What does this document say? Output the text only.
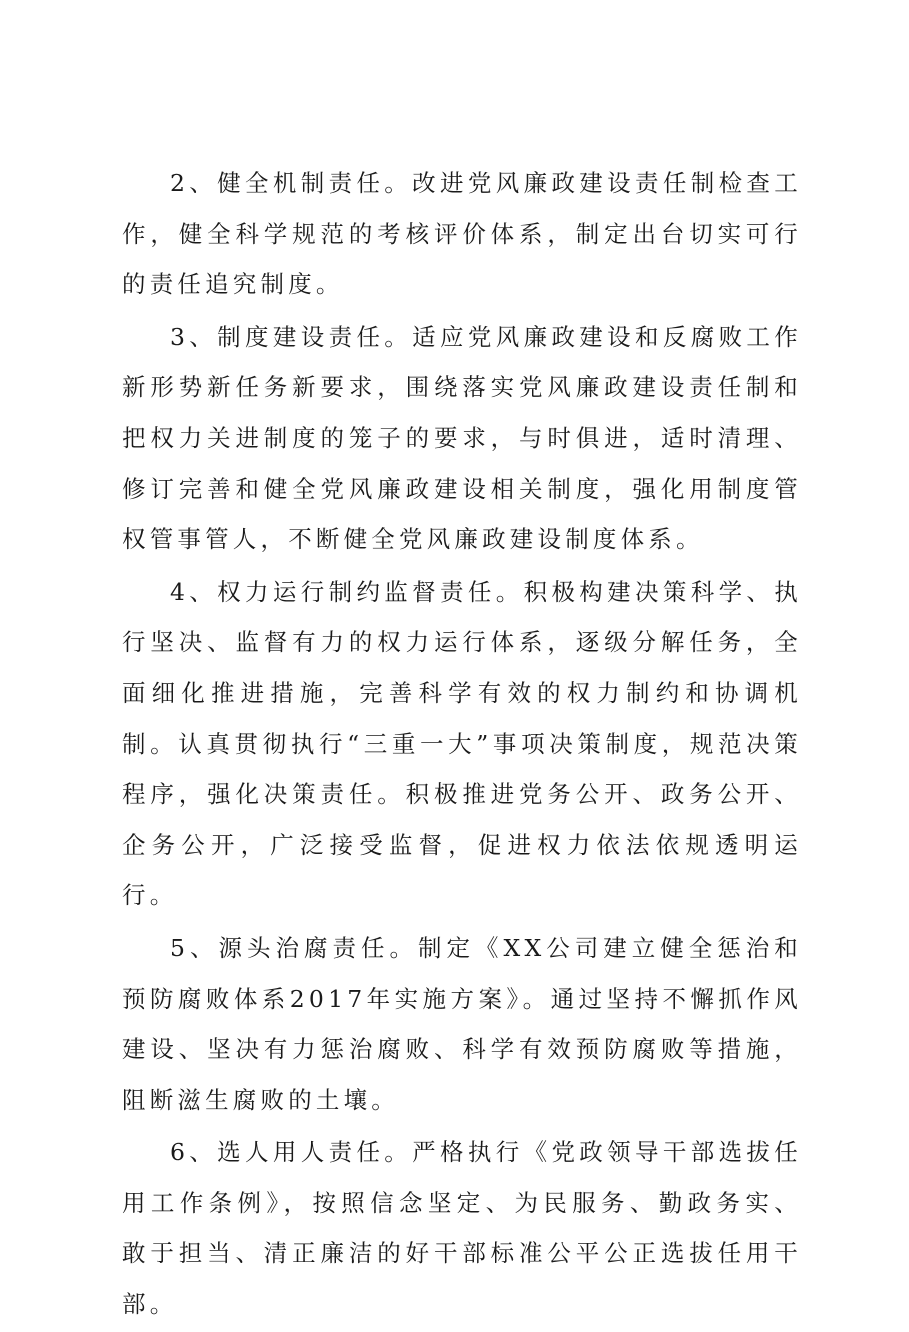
2、健全机制责任。改进党风廉政建设责任制检查工作，健全科学规范的考核评价体系，制定出台切实可行的责任追究制度。

3、制度建设责任。适应党风廉政建设和反腐败工作新形势新任务新要求，围绕落实党风廉政建设责任制和把权力关进制度的笼子的要求，与时俱进，适时清理、修订完善和健全党风廉政建设相关制度，强化用制度管权管事管人，不断健全党风廉政建设制度体系。

4、权力运行制约监督责任。积极构建决策科学、执行坚决、监督有力的权力运行体系，逐级分解任务，全面细化推进措施，完善科学有效的权力制约和协调机制。认真贯彻执行“三重一大”事项决策制度，规范决策程序，强化决策责任。积极推进党务公开、政务公开、企务公开，广泛接受监督，促进权力依法依规透明运行。

5、源头治腐责任。制定《XX公司建立健全惩治和预防腐败体系2017年实施方案》。通过坚持不懈抓作风建设、坚决有力惩治腐败、科学有效预防腐败等措施，阻断滋生腐败的土壤。

6、选人用人责任。严格执行《党政领导干部选拔任用工作条例》，按照信念坚定、为民服务、勤政务实、敢于担当、清正廉洁的好干部标准公平公正选拔任用干部。
